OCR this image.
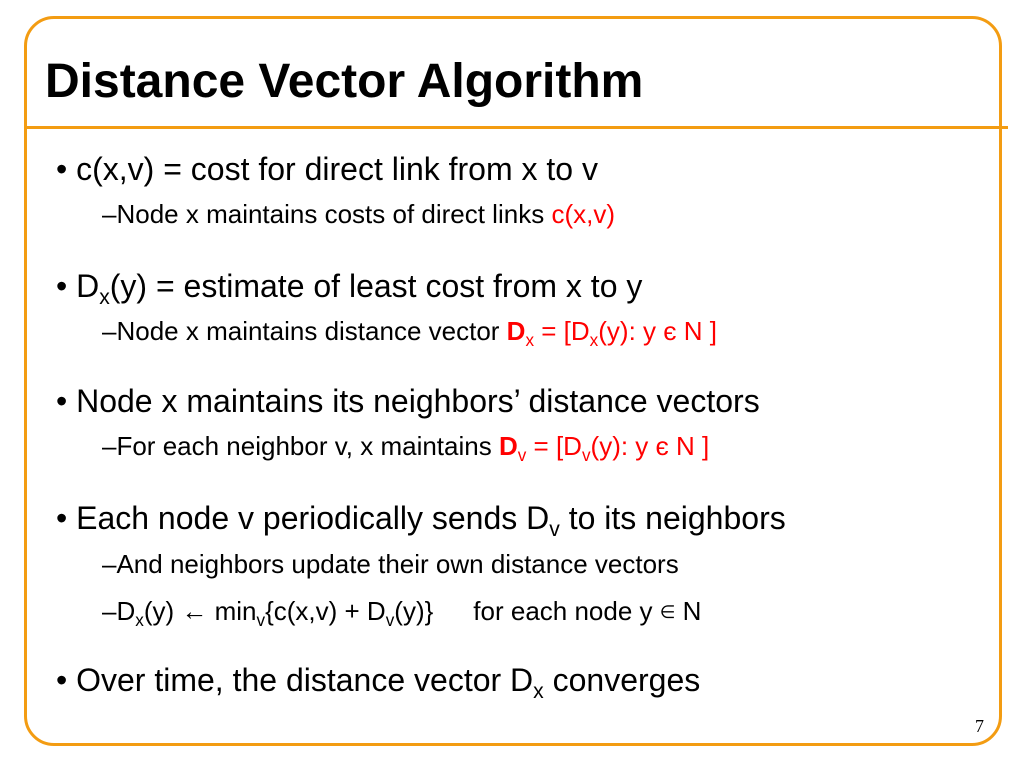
Distance Vector Algorithm
• c(x,v) = cost for direct link from x to v
–Node x maintains costs of direct links c(x,v)
• $D_x(y)$ = estimate of least cost from x to y
–Node x maintains distance vector $D_x = [D_x(y)$: y є N ]
• Node x maintains its neighbors’ distance vectors
–For each neighbor v, x maintains $D_v = [D_v(y)$: y є N ]
• Each node v periodically sends $D_v$ to its neighbors
–And neighbors update their own distance vectors
$-D_x(y)$ ← $\min_v\{c(x,v) + D_v(y)\}$ for each node y ∈ N
• Over time, the distance vector $D_x$ converges
7
